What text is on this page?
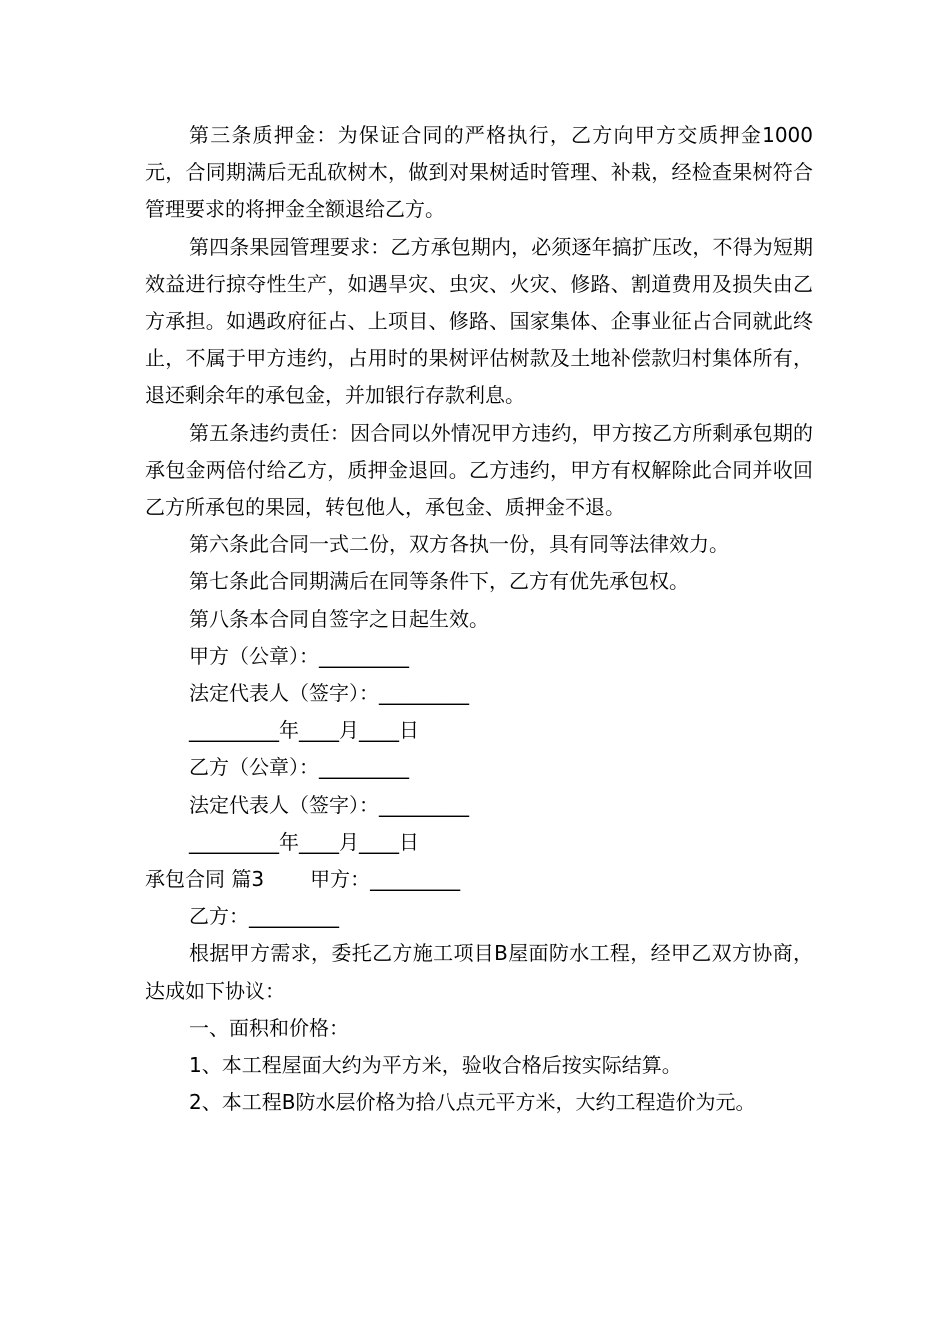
第三条质押金：为保证合同的严格执行，乙方向甲方交质押金1000元，合同期满后无乱砍树木，做到对果树适时管理、补栽，经检查果树符合管理要求的将押金全额退给乙方。

第四条果园管理要求：乙方承包期内，必须逐年搞扩压改，不得为短期效益进行掠夺性生产，如遇旱灾、虫灾、火灾、修路、割道费用及损失由乙方承担。如遇政府征占、上项目、修路、国家集体、企事业征占合同就此终止，不属于甲方违约，占用时的果树评估树款及土地补偿款归村集体所有，退还剩余年的承包金，并加银行存款利息。

第五条违约责任：因合同以外情况甲方违约，甲方按乙方所剩承包期的承包金两倍付给乙方，质押金退回。乙方违约，甲方有权解除此合同并收回乙方所承包的果园，转包他人，承包金、质押金不退。

第六条此合同一式二份，双方各执一份，具有同等法律效力。

第七条此合同期满后在同等条件下，乙方有优先承包权。

第八条本合同自签字之日起生效。

甲方（公章）：_________

法定代表人（签字）：_________

_________年____月____日

乙方（公章）：_________

法定代表人（签字）：_________

_________年____月____日

承包合同 篇3 甲方：_________

乙方：_________

根据甲方需求，委托乙方施工项目B屋面防水工程，经甲乙双方协商，达成如下协议：

一、面积和价格：

1、本工程屋面大约为平方米，验收合格后按实际结算。

2、本工程B防水层价格为拾八点元平方米，大约工程造价为元。
